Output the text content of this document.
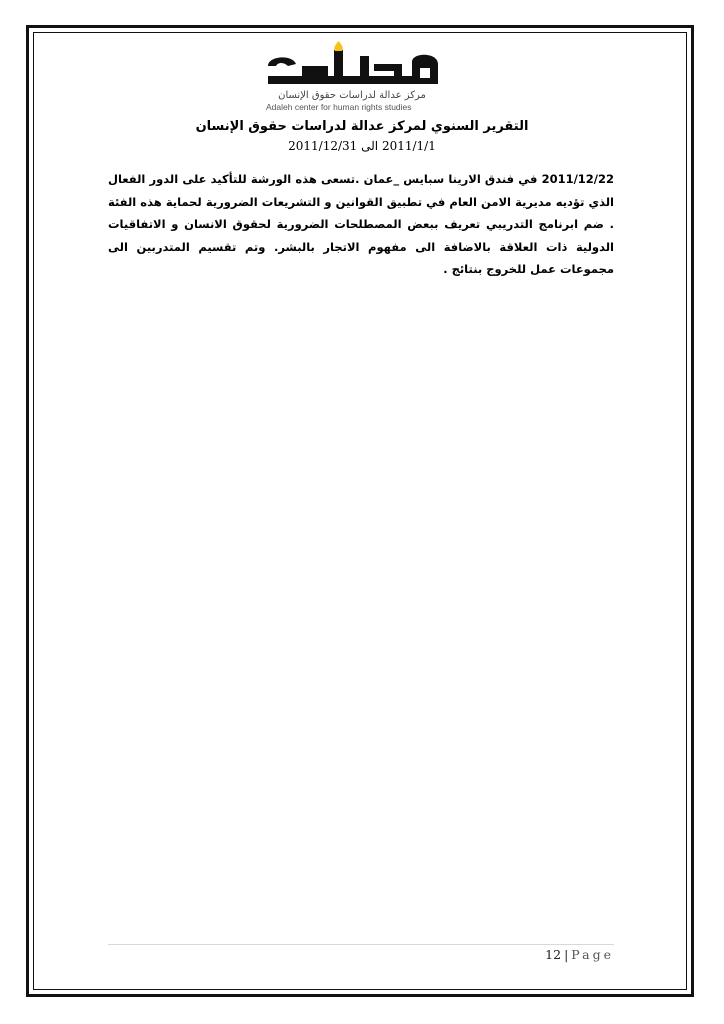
مركز عدالة لدراسات حقوق الإنسان
Adaleh center for human rights studies
التقرير السنوي لمركز عدالة لدراسات حقوق الإنسان
2011/1/1 الى 2011/12/31
2011/12/22 في فندق الارينا سبايس _عمان .تسعى هذه الورشة للتأكيد على الدور الفعال الذي تؤديه مديرية الامن العام في تطبيق القوانين و التشريعات الضرورية لحماية هذه الفئة . ضم ابرنامج التدريبي تعريف ببعض المصطلحات الضرورية لحقوق الانسان و الاتفاقيات الدولية ذات العلاقة بالاضافة الى مفهوم الاتجار بالبشر. وتم تقسيم المتدربين الى مجموعات عمل للخروج بنتائج .
12 | Page
